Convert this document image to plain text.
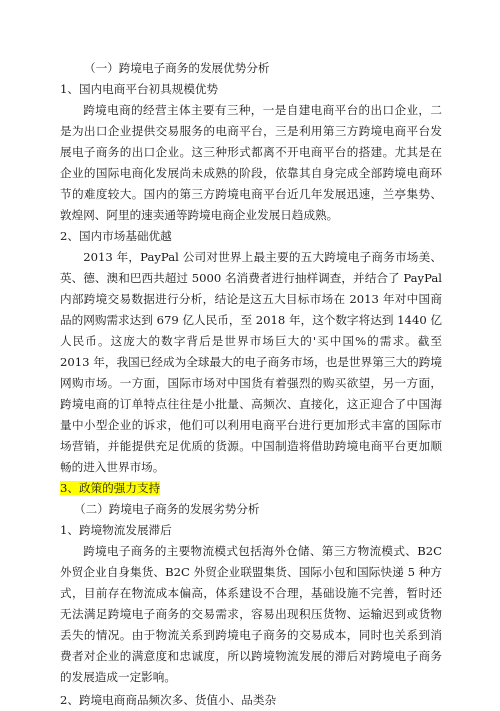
（一）跨境电子商务的发展优势分析

1、国内电商平台初具规模优势

跨境电商的经营主体主要有三种，一是自建电商平台的出口企业，二是为出口企业提供交易服务的电商平台，三是利用第三方跨境电商平台发展电子商务的出口企业。这三种形式都离不开电商平台的搭建。尤其是在企业的国际电商化发展尚未成熟的阶段，依靠其自身完成全部跨境电商环节的难度较大。国内的第三方跨境电商平台近几年发展迅速，兰亭集势、敦煌网、阿里的速卖通等跨境电商企业发展日趋成熟。

2、国内市场基础优越

2013 年，PayPal 公司对世界上最主要的五大跨境电子商务市场美、英、德、澳和巴西共超过 5000 名消费者进行抽样调查，并结合了 PayPal 内部跨境交易数据进行分析，结论是这五大目标市场在 2013 年对中国商品的网购需求达到 679 亿人民币，至 2018 年，这个数字将达到 1440 亿人民币。这庞大的数字背后是世界市场巨大的'买中国%的需求。截至 2013 年，我国已经成为全球最大的电子商务市场，也是世界第三大的跨境网购市场。一方面，国际市场对中国货有着强烈的购买欲望，另一方面，跨境电商的订单特点往往是小批量、高频次、直接化，这正迎合了中国海量中小型企业的诉求，他们可以利用电商平台进行更加形式丰富的国际市场营销，并能提供充足优质的货源。中国制造将借助跨境电商平台更加顺畅的进入世界市场。

3、政策的强力支持

（二）跨境电子商务的发展劣势分析

1、跨境物流发展滞后

跨境电子商务的主要物流模式包括海外仓储、第三方物流模式、B2C 外贸企业自身集货、B2C 外贸企业联盟集货、国际小包和国际快递 5 种方式，目前存在物流成本偏高，体系建设不合理，基础设施不完善，暂时还无法满足跨境电子商务的交易需求，容易出现积压货物、运输迟到或货物丢失的情况。由于物流关系到跨境电子商务的交易成本，同时也关系到消费者对企业的满意度和忠诚度，所以跨境物流发展的滞后对跨境电子商务的发展造成一定影响。

2、跨境电商商品频次多、货值小、品类杂
